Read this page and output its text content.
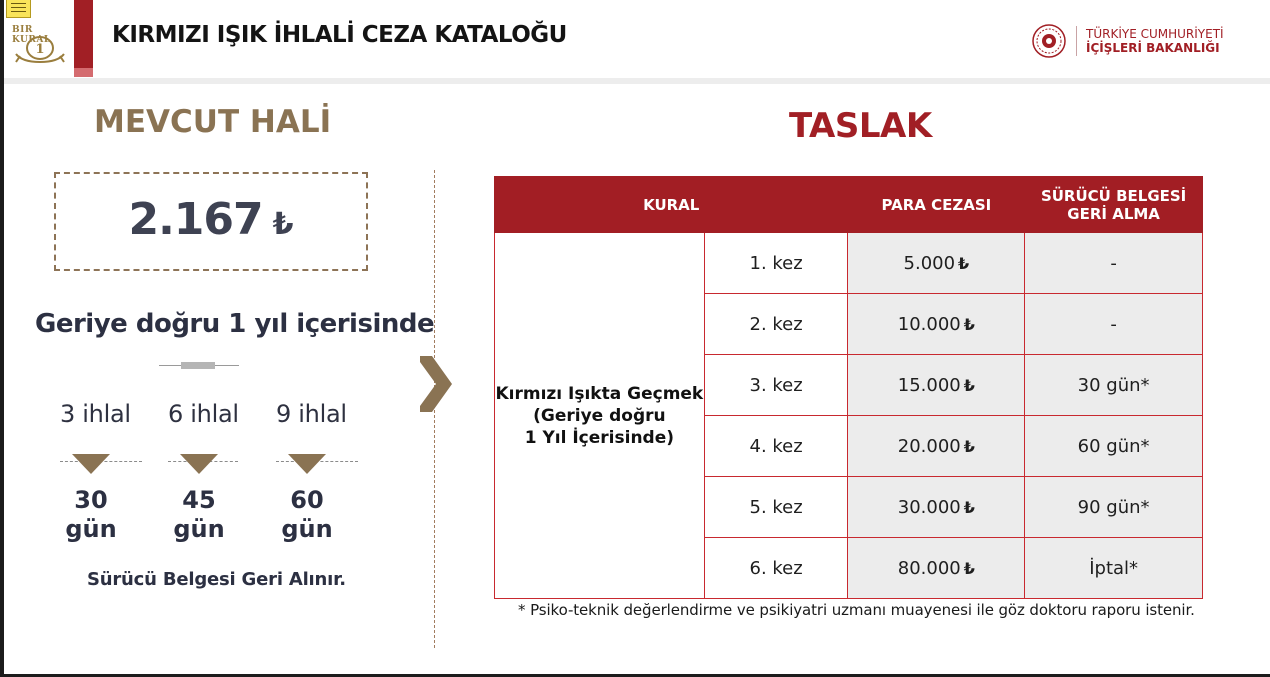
BIR KURAL
1
KIRMIZI IŞIK İHLALİ CEZA KATALOĞU	TÜRKİYE CUMHURİYETİ
İÇİŞLERİ BAKANLIĞI
MEVCUT HALİ
2.167 ₺
Geriye doğru 1 yıl içerisinde
3 ihlal 6 ihlal 9 ihlal
30
gün
45
gün
60
gün
Sürücü Belgesi Geri Alınır.
TASLAK
KURAL		PARA CEZASI	SÜRÜCÜ BELGESİ
GERİ ALMA

Kırmızı Işıkta Geçmek
(Geriye doğru
1 Yıl İçerisinde)	1. kez	5.000 ₺	-
	2. kez	10.000 ₺	-
	3. kez	15.000 ₺	30 gün*
	4. kez	20.000 ₺	60 gün*
	5. kez	30.000 ₺	90 gün*
	6. kez	80.000 ₺	İptal*
* Psiko-teknik değerlendirme ve psikiyatri uzmanı muayenesi ile göz doktoru raporu istenir.
